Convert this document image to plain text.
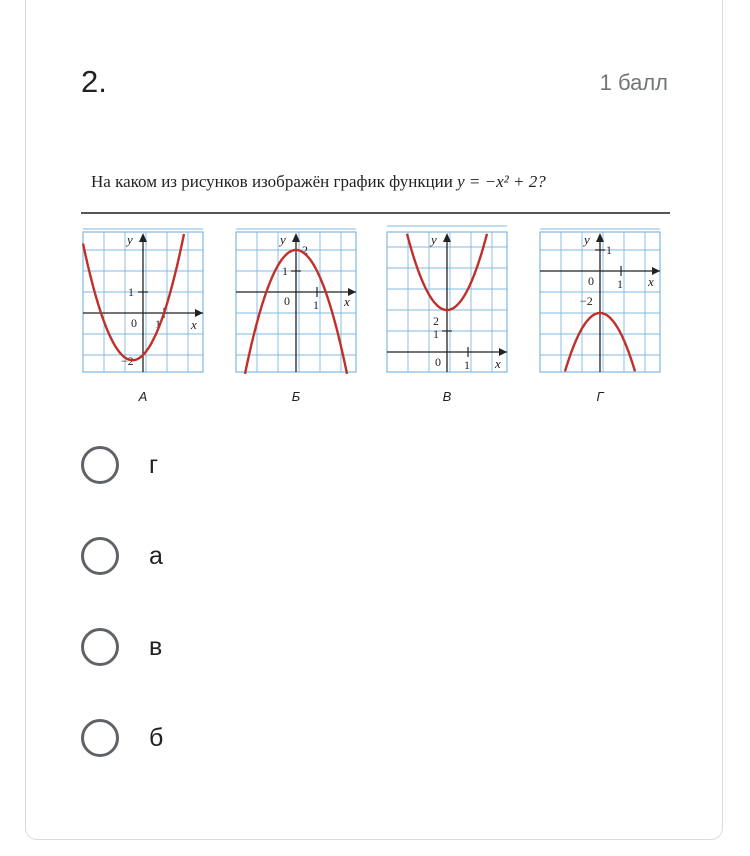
2.	1 балл
На каком из рисунков изображён график функции y = −x² + 2?
y
x
1
0 1
−2
А
y
x
2
1
0 1
Б
y
x
2
1
0 1
В
y
x
1
0 1
−2
Г
г
а
в
б
